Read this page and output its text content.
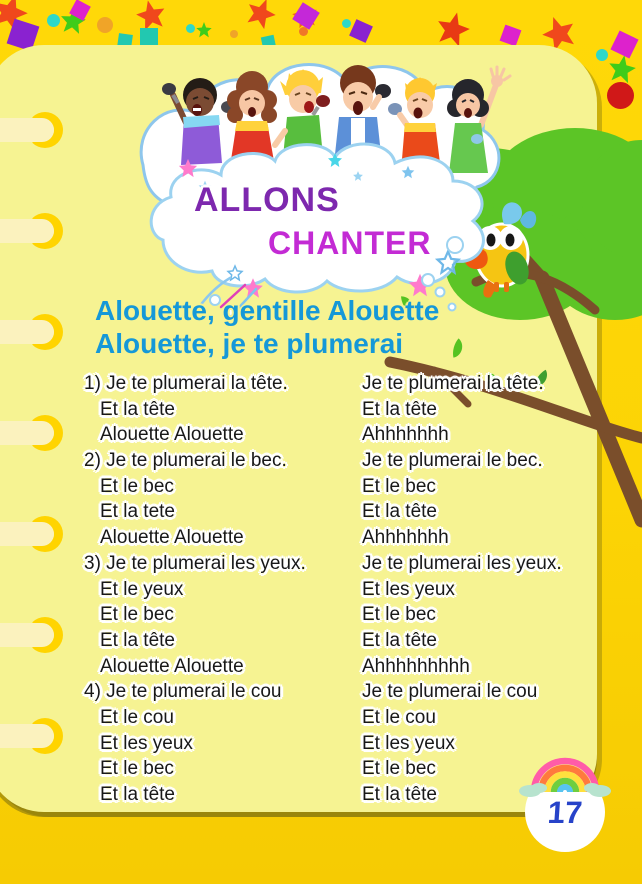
ALLONS
CHANTER
Alouette, gentille Alouette
Alouette, je te plumerai
1) Je te plumerai la tête.
Et la tête
Alouette Alouette
2) Je te plumerai le bec.
Et le bec
Et la tete
Alouette Alouette
3) Je te plumerai les yeux.
Et le yeux
Et le bec
Et la tête
Alouette Alouette
4) Je te plumerai le cou
Et le cou
Et les yeux
Et le bec
Et la tête
Je te plumerai la tête.
Et la tête
Ahhhhhhh
Je te plumerai le bec.
Et le bec
Et la tête
Ahhhhhhh
Je te plumerai les yeux.
Et les yeux
Et le bec
Et la tête
Ahhhhhhhhh
Je te plumerai le cou
Et le cou
Et les yeux
Et le bec
Et la tête
17
